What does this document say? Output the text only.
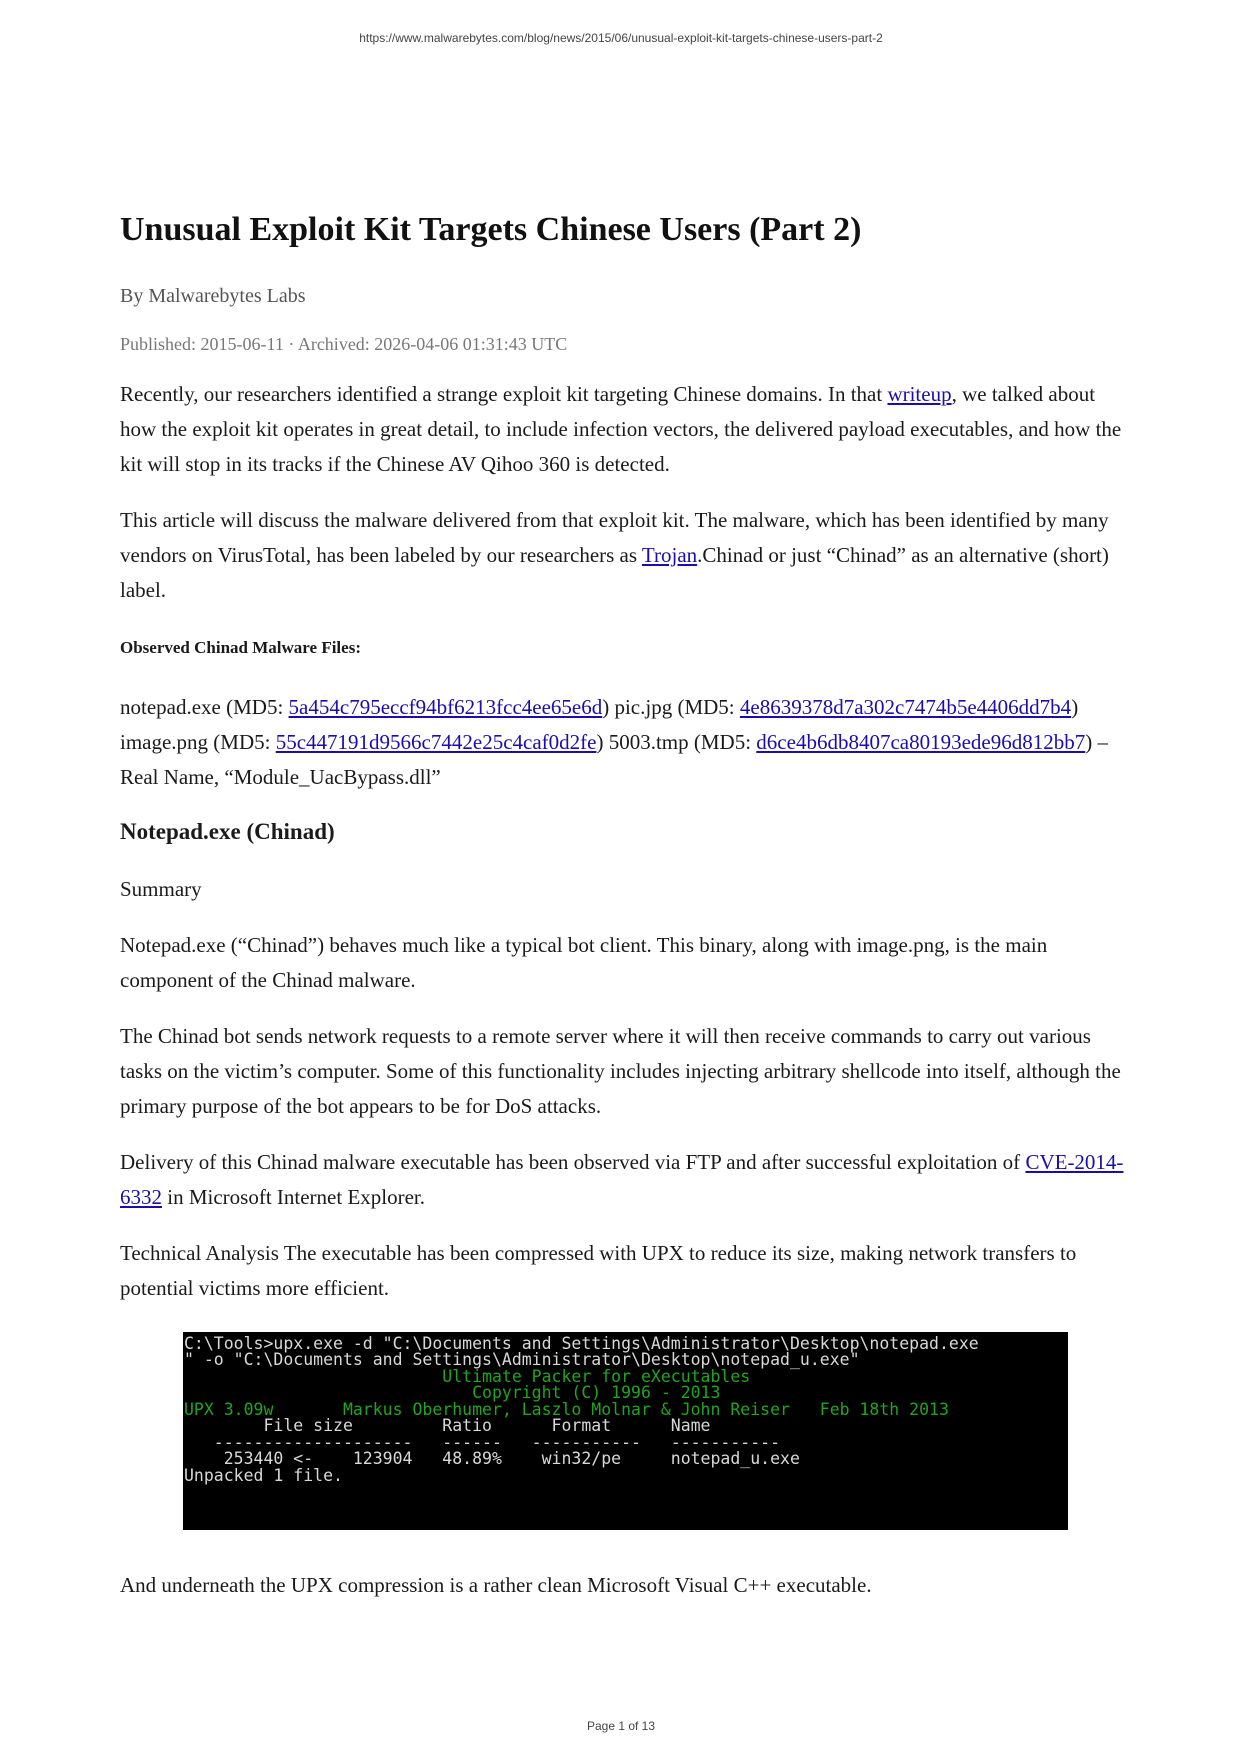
https://www.malwarebytes.com/blog/news/2015/06/unusual-exploit-kit-targets-chinese-users-part-2
Unusual Exploit Kit Targets Chinese Users (Part 2)
By Malwarebytes Labs
Published: 2015-06-11 · Archived: 2026-04-06 01:31:43 UTC

Recently, our researchers identified a strange exploit kit targeting Chinese domains. In that writeup, we talked about how the exploit kit operates in great detail, to include infection vectors, the delivered payload executables, and how the kit will stop in its tracks if the Chinese AV Qihoo 360 is detected.

This article will discuss the malware delivered from that exploit kit. The malware, which has been identified by many vendors on VirusTotal, has been labeled by our researchers as Trojan.Chinad or just “Chinad” as an alternative (short) label.

Observed Chinad Malware Files:

notepad.exe (MD5: 5a454c795eccf94bf6213fcc4ee65e6d) pic.jpg (MD5: 4e8639378d7a302c7474b5e4406dd7b4) image.png (MD5: 55c447191d9566c7442e25c4caf0d2fe) 5003.tmp (MD5: d6ce4b6db8407ca80193ede96d812bb7) – Real Name, “Module_UacBypass.dll”

Notepad.exe (Chinad)

Summary

Notepad.exe (“Chinad”) behaves much like a typical bot client. This binary, along with image.png, is the main component of the Chinad malware.

The Chinad bot sends network requests to a remote server where it will then receive commands to carry out various tasks on the victim’s computer. Some of this functionality includes injecting arbitrary shellcode into itself, although the primary purpose of the bot appears to be for DoS attacks.

Delivery of this Chinad malware executable has been observed via FTP and after successful exploitation of CVE-2014-6332 in Microsoft Internet Explorer.

Technical Analysis The executable has been compressed with UPX to reduce its size, making network transfers to potential victims more efficient.

C:\Tools>upx.exe -d "C:\Documents and Settings\Administrator\Desktop\notepad.exe
" -o "C:\Documents and Settings\Administrator\Desktop\notepad_u.exe"
Ultimate Packer for eXecutables
Copyright (C) 1996 - 2013
UPX 3.09w       Markus Oberhumer, Laszlo Molnar & John Reiser   Feb 18th 2013
File size         Ratio      Format      Name
--------------------   ------   -----------   -----------
253440 <-    123904   48.89%    win32/pe     notepad_u.exe
Unpacked 1 file.

And underneath the UPX compression is a rather clean Microsoft Visual C++ executable.

Page 1 of 13
